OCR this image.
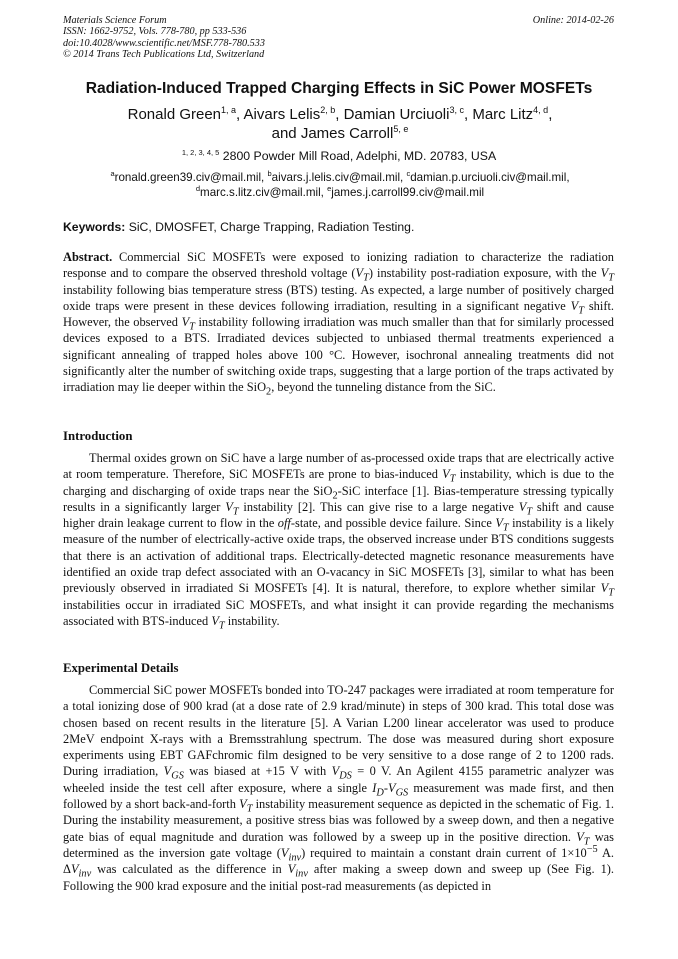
Materials Science Forum
ISSN: 1662-9752, Vols. 778-780, pp 533-536
doi:10.4028/www.scientific.net/MSF.778-780.533
© 2014 Trans Tech Publications Ltd, Switzerland
Online: 2014-02-26
Radiation-Induced Trapped Charging Effects in SiC Power MOSFETs
Ronald Green$^{1, a}$, Aivars Lelis$^{2, b}$, Damian Urciuoli$^{3, c}$, Marc Litz$^{4, d}$,
and James Carroll$^{5, e}$
$^{1, 2, 3, 4, 5}$ 2800 Powder Mill Road, Adelphi, MD. 20783, USA
$^a$ronald.green39.civ@mail.mil, $^b$aivars.j.lelis.civ@mail.mil, $^c$damian.p.urciuoli.civ@mail.mil,
$^d$marc.s.litz.civ@mail.mil, $^e$james.j.carroll99.civ@mail.mil
Keywords: SiC, DMOSFET, Charge Trapping, Radiation Testing.
Abstract. Commercial SiC MOSFETs were exposed to ionizing radiation to characterize the radiation response and to compare the observed threshold voltage $(V_T)$ instability post-radiation exposure, with the $V_T$ instability following bias temperature stress (BTS) testing. As expected, a large number of positively charged oxide traps were present in these devices following irradiation, resulting in a significant negative $V_T$ shift. However, the observed $V_T$ instability following irradiation was much smaller than that for similarly processed devices exposed to a BTS. Irradiated devices subjected to unbiased thermal treatments experienced a significant annealing of trapped holes above 100 °C. However, isochronal annealing treatments did not significantly alter the number of switching oxide traps, suggesting that a large portion of the traps activated by irradiation may lie deeper within the SiO$_2$, beyond the tunneling distance from the SiC.
Introduction
Thermal oxides grown on SiC have a large number of as-processed oxide traps that are electrically active at room temperature. Therefore, SiC MOSFETs are prone to bias-induced $V_T$ instability, which is due to the charging and discharging of oxide traps near the SiO$_2$-SiC interface [1]. Bias-temperature stressing typically results in a significantly larger $V_T$ instability [2]. This can give rise to a large negative $V_T$ shift and cause higher drain leakage current to flow in the off-state, and possible device failure. Since $V_T$ instability is a likely measure of the number of electrically-active oxide traps, the observed increase under BTS conditions suggests that there is an activation of additional traps. Electrically-detected magnetic resonance measurements have identified an oxide trap defect associated with an O-vacancy in SiC MOSFETs [3], similar to what has been previously observed in irradiated Si MOSFETs [4]. It is natural, therefore, to explore whether similar $V_T$ instabilities occur in irradiated SiC MOSFETs, and what insight it can provide regarding the mechanisms associated with BTS-induced $V_T$ instability.
Experimental Details
Commercial SiC power MOSFETs bonded into TO-247 packages were irradiated at room temperature for a total ionizing dose of 900 krad (at a dose rate of 2.9 krad/minute) in steps of 300 krad. This total dose was chosen based on recent results in the literature [5]. A Varian L200 linear accelerator was used to produce 2MeV endpoint X-rays with a Bremsstrahlung spectrum. The dose was measured during short exposure experiments using EBT GAFchromic film designed to be very sensitive to a dose range of 2 to 1200 rads. During irradiation, $V_{GS}$ was biased at +15 V with $V_{DS} = 0$ V. An Agilent 4155 parametric analyzer was wheeled inside the test cell after exposure, where a single $I_D-V_{GS}$ measurement was made first, and then followed by a short back-and-forth $V_T$ instability measurement sequence as depicted in the schematic of Fig. 1. During the instability measurement, a positive stress bias was followed by a sweep down, and then a negative gate bias of equal magnitude and duration was followed by a sweep up in the positive direction. $V_T$ was determined as the inversion gate voltage $(V_{inv})$ required to maintain a constant drain current of $1\times 10^{-5}$ A. $\Delta V_{inv}$ was calculated as the difference in $V_{inv}$ after making a sweep down and sweep up (See Fig. 1). Following the 900 krad exposure and the initial post-rad measurements (as depicted in
